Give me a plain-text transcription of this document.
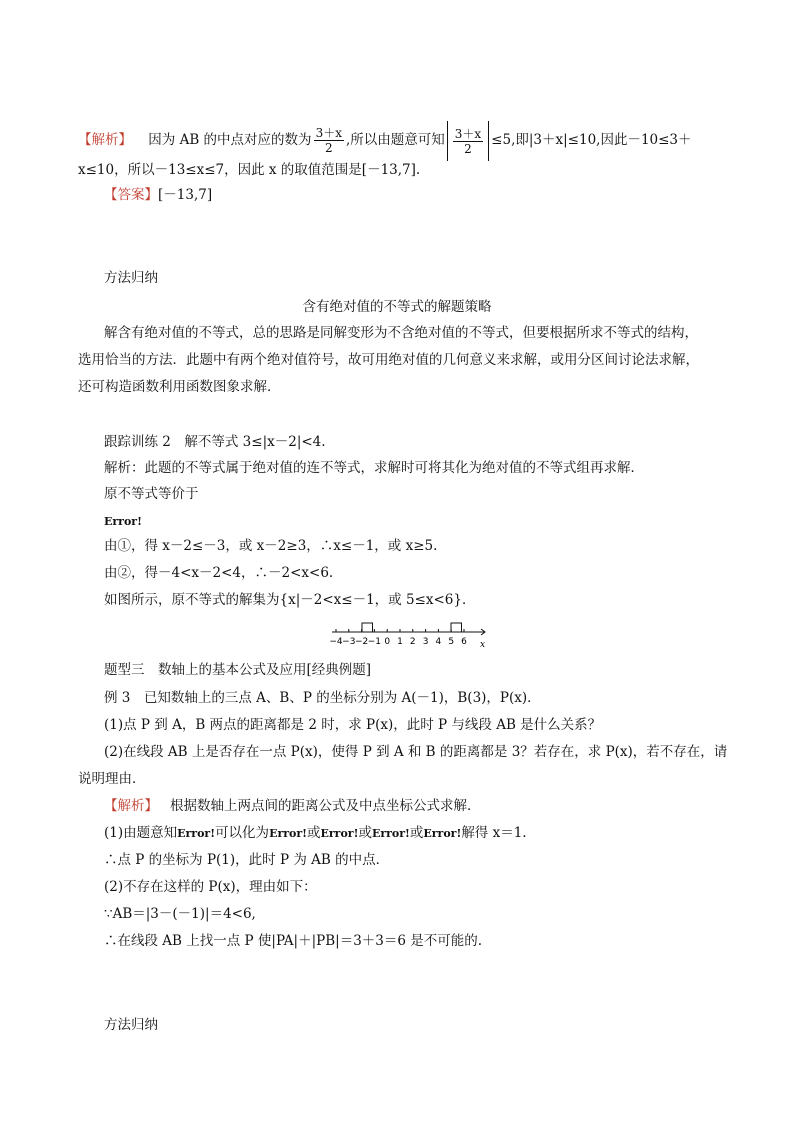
【解析】 因为 AB 的中点对应的数为 $\frac{3+x}{2}$ ,所以由题意可知 $\frac{3+x}{2} \le 5$,即|3＋x|≤10,因此－10≤3＋
x≤10，所以－13≤x≤7，因此 x 的取值范围是[－13,7].
【答案】[－13,7]
方法归纳
含有绝对值的不等式的解题策略
解含有绝对值的不等式，总的思路是同解变形为不含绝对值的不等式，但要根据所求不等式的结构，
选用恰当的方法．此题中有两个绝对值符号，故可用绝对值的几何意义来求解，或用分区间讨论法求解，
还可构造函数利用函数图象求解．
跟踪训练 2　解不等式 3≤|x－2|<4.
解析：此题的不等式属于绝对值的连不等式，求解时可将其化为绝对值的不等式组再求解．
原不等式等价于
Error!
由①，得 x－2≤－3，或 x－2≥3，∴x≤－1，或 x≥5.
由②，得－4<x－2<4，∴－2<x<6.
如图所示，原不等式的解集为{x|－2<x≤－1，或 5≤x<6}．
−4 −3 −2 −1 0 1 2 3 4 5 6 x
题型三　数轴上的基本公式及应用[经典例题]
例 3　已知数轴上的三点 A、B、P 的坐标分别为 A(－1)，B(3)，P(x)．
(1)点 P 到 A，B 两点的距离都是 2 时，求 P(x)，此时 P 与线段 AB 是什么关系？
(2)在线段 AB 上是否存在一点 P(x)，使得 P 到 A 和 B 的距离都是 3？若存在，求 P(x)，若不存在，请
说明理由．
【解析】 根据数轴上两点间的距离公式及中点坐标公式求解．
(1)由题意知Error!可以化为Error!或Error!或Error!或Error!解得 x＝1.
∴点 P 的坐标为 P(1)，此时 P 为 AB 的中点．
(2)不存在这样的 P(x)，理由如下：
∵AB＝|3－(－1)|＝4<6,
∴在线段 AB 上找一点 P 使|PA|＋|PB|＝3＋3＝6 是不可能的.
方法归纳
